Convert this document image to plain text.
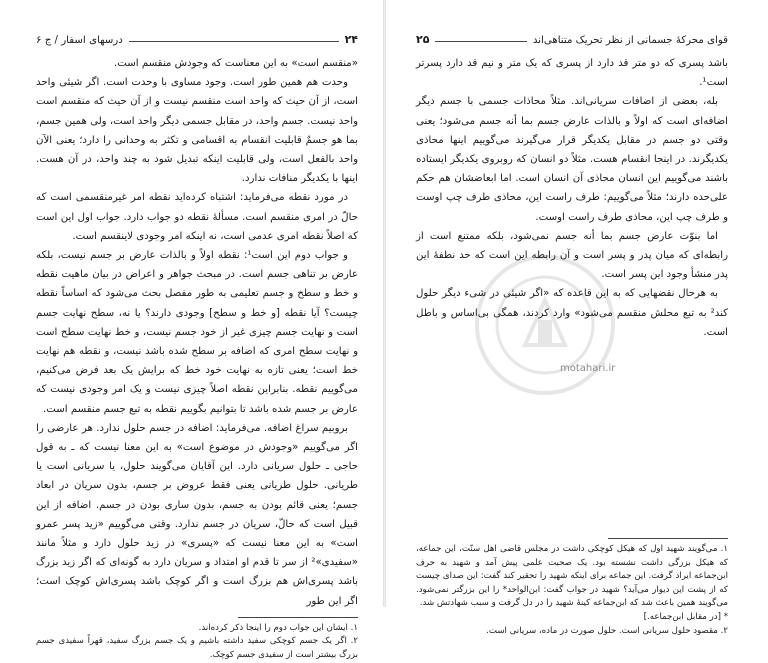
۲۴
درسهای اسفار / ج ۶

«منقسم است» به این معناست که وجودش منقسم است.

وحدت هم همین طور است. وجود مساوی با وحدت است. اگر شیئی واحد است، از آن حیث که واحد است منقسم نیست و از آن حیث که منقسم است واحد نیست. جسم واحد، در مقابل جسمی دیگر واحد است، ولی همین جسم، بما هو جسمٌ قابلیت انقسام به اقسامی و تکثر به وحدانی را دارد؛ یعنی الآن واحد بالفعل است، ولی قابلیت اینکه تبدیل شود به چند واحد، در آن هست. اینها با یکدیگر منافات ندارد.

در مورد نقطه می‌فرماید: اشتباه کرده‌اید نقطه امر غیرمنقسمی است که حالّ در امری منقسم است. مسألهٔ نقطه دو جواب دارد. جواب اول این است که اصلاً نقطه امری عدمی است، نه اینکه امر وجودی لاینقسم است.

و جواب دوم این است¹: نقطه اولاً و بالذات عارض بر جسم نیست، بلکه عارض بر تناهی جسم است. در مبحث جواهر و اعراض در بیان ماهیت نقطه و خط و سطح و جسم تعلیمی به طور مفصل بحث می‌شود که اساساً نقطه چیست؟ آیا نقطه [و خط و سطح] وجودی دارند؟ یا نه، سطح نهایت جسم است و نهایت جسم چیزی غیر از خود جسم نیست، و خط نهایت سطح است و نهایت سطح امری که اضافه بر سطح شده باشد نیست، و نقطه هم نهایت خط است؛ یعنی تازه به نهایت خود خط که برایش یک بعد فرض می‌کنیم، می‌گوییم نقطه. بنابراین نقطه اصلاً چیزی نیست و یک امر وجودی نیست که عارض بر جسم شده باشد تا بتوانیم بگوییم نقطه به تبع جسم منقسم است.

بروبیم سراغ اضافه. می‌فرماید: اضافه در جسم حلول ندارد. هر عارضی را اگر می‌گوییم «وجودش در موضوع است» به این معنا نیست که ـ به قول حاجی ـ حلول سریانی دارد. این آقایان می‌گویند حلول، یا سریانی است یا طریانی. حلول طریانی یعنی فقط عروض بر جسم، بدون سریان در ابعاد جسم؛ یعنی قائم بودن به جسم، بدون ساری بودن در جسم. اضافه از این قبیل است که حالّ، سریان در جسم ندارد. وقتی می‌گوییم «زید پسر عمرو است» به این معنا نیست که «پسری» در زید حلول دارد و مثلاً مانند «سفیدی»² از سر تا قدم او امتداد و سریان دارد به گونه‌ای که اگر زید بزرگ باشد پسری‌اش هم بزرگ است و اگر کوچک باشد پسری‌اش کوچک است؛ اگر این طور

۱. ایشان این جواب دوم را اینجا ذکر کرده‌اند.

۲. اگر یک جسم کوچکی سفید داشته باشیم و یک جسم بزرگ سفید، قهراً سفیدی جسم بزرگ بیشتر است از سفیدی جسم کوچک.

قوای محرکهٔ جسمانی از نظر تحریک متناهی‌اند
۲۵

باشد پسری که دو متر قد دارد از پسری که یک متر و نیم قد دارد پسرتر است¹.

بله، بعضی از اضافات سریانی‌اند. مثلاً محاذات جسمی با جسم دیگر اضافه‌ای است که اولاً و بالذات عارض جسم بما أنه جسم می‌شود؛ یعنی وقتی دو جسم در مقابل یکدیگر قرار می‌گیرند می‌گوییم اینها محاذی یکدیگرند. در اینجا انقسام هست. مثلاً دو انسان که روبروی یکدیگر ایستاده باشند می‌گوییم این انسان محاذی آن انسان است. اما ابعاضشان هم حکم علی‌حده دارند؛ مثلاً می‌گوییم: طرف راست این، محاذی طرف چپ اوست و طرف چپ این، محاذی طرف راست اوست.

اما بنوّت عارض جسم بما أنه جسم نمی‌شود، بلکه ممتنع است از رابطه‌ای که میان پدر و پسر است و آن رابطه این است که حد نطفهٔ این پدر منشأ وجود این پسر است.

به هرحال نقضهایی که به این قاعده که «اگر شیئی در شیء دیگر حلول کند² به تبع محلش منقسم می‌شود» وارد کردند، همگی بی‌اساس و باطل است.

۱. می‌گویند شهید اول که هیکل کوچکی داشت در مجلس قاضی اهل سنّت، این جماعه، که هیکل بزرگی داشت نشسته بود. یک صحبت علمی پیش آمد و شهید به حرف ابن‌جماعه ایراد گرفت. این جماعه برای اینکه شهید را تحقیر کند گفت: این صدای چیست که از پشت این دیوار می‌آید؟ شهید در جواب گفت: ابن‌الواحد* را این بزرگتر نمی‌شود. می‌گویند همین باعث شد که ابن‌جماعه کینهٔ شهید را در دل گرفت و سبب شهادتش شد.

* [در مقابل ابن‌جماعه.]

۲. مقصود حلول سریانی است. حلول صورت در ماده، سریانی است.

motahari.ir
